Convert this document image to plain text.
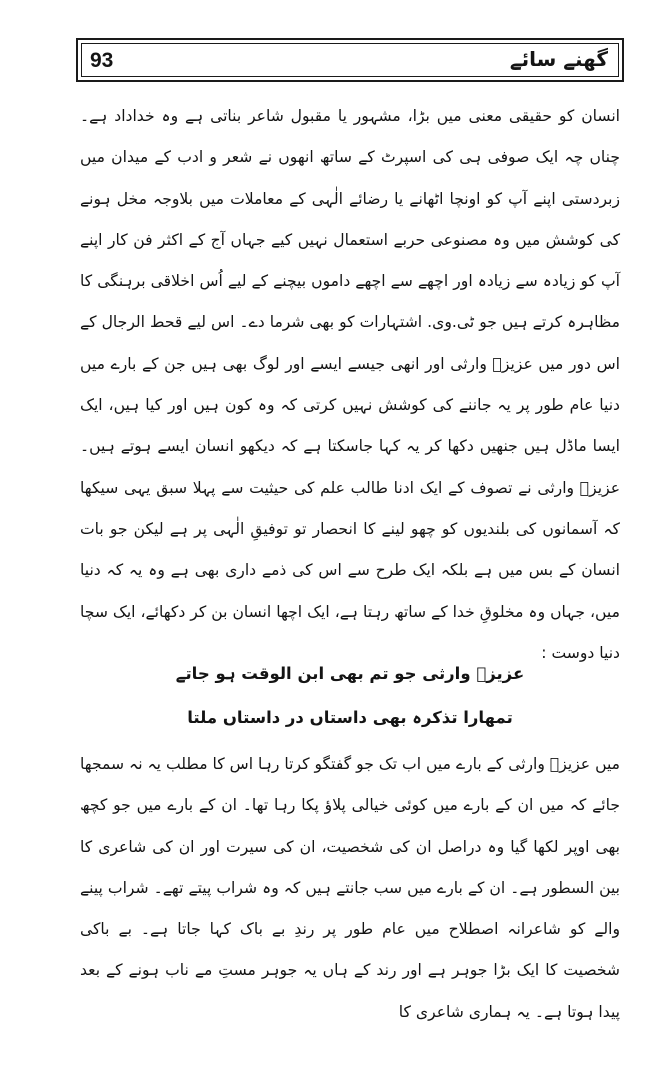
93	گھنے سائے

انسان کو حقیقی معنی میں بڑا، مشہور یا مقبول شاعر بناتی ہے وہ خداداد ہے۔ چناں چہ ایک صوفی ہی کی اسپرٹ کے ساتھ انھوں نے شعر و ادب کے میدان میں زبردستی اپنے آپ کو اونچا اٹھانے یا رضائے الٰہی کے معاملات میں بلاوجہ مخل ہونے کی کوشش میں وہ مصنوعی حربے استعمال نہیں کیے جہاں آج کے اکثر فن کار اپنے آپ کو زیادہ سے زیادہ اور اچھے سے اچھے داموں بیچنے کے لیے اُس اخلاقی برہنگی کا مظاہرہ کرتے ہیں جو ٹی.وی. اشتہارات کو بھی شرما دے۔ اس لیے قحط الرجال کے اس دور میں عزیزؔ وارثی اور انھی جیسے ایسے اور لوگ بھی ہیں جن کے بارے میں دنیا عام طور پر یہ جاننے کی کوشش نہیں کرتی کہ وہ کون ہیں اور کیا ہیں، ایک ایسا ماڈل ہیں جنھیں دکھا کر یہ کہا جاسکتا ہے کہ دیکھو انسان ایسے ہوتے ہیں۔ عزیزؔ وارثی نے تصوف کے ایک ادنا طالب علم کی حیثیت سے پہلا سبق یہی سیکھا کہ آسمانوں کی بلندیوں کو چھو لینے کا انحصار تو توفیقِ الٰہی پر ہے لیکن جو بات انسان کے بس میں ہے بلکہ ایک طرح سے اس کی ذمے داری بھی ہے وہ یہ کہ دنیا میں، جہاں وہ مخلوقِ خدا کے ساتھ رہتا ہے، ایک اچھا انسان بن کر دکھائے، ایک سچا دنیا دوست :

عزیزؔ وارثی جو تم بھی ابن الوقت ہو جاتے
تمھارا تذکرہ بھی داستاں در داستاں ملتا

میں عزیزؔ وارثی کے بارے میں اب تک جو گفتگو کرتا رہا اس کا مطلب یہ نہ سمجھا جائے کہ میں ان کے بارے میں کوئی خیالی پلاؤ پکا رہا تھا۔ ان کے بارے میں جو کچھ بھی اوپر لکھا گیا وہ دراصل ان کی شخصیت، ان کی سیرت اور ان کی شاعری کا بین السطور ہے۔ ان کے بارے میں سب جانتے ہیں کہ وہ شراب پیتے تھے۔ شراب پینے والے کو شاعرانہ اصطلاح میں عام طور پر رندِ بے باک کہا جاتا ہے۔ بے باکی شخصیت کا ایک بڑا جوہر ہے اور رند کے ہاں یہ جوہر مستِ مے ناب ہونے کے بعد پیدا ہوتا ہے۔ یہ ہماری شاعری کا
